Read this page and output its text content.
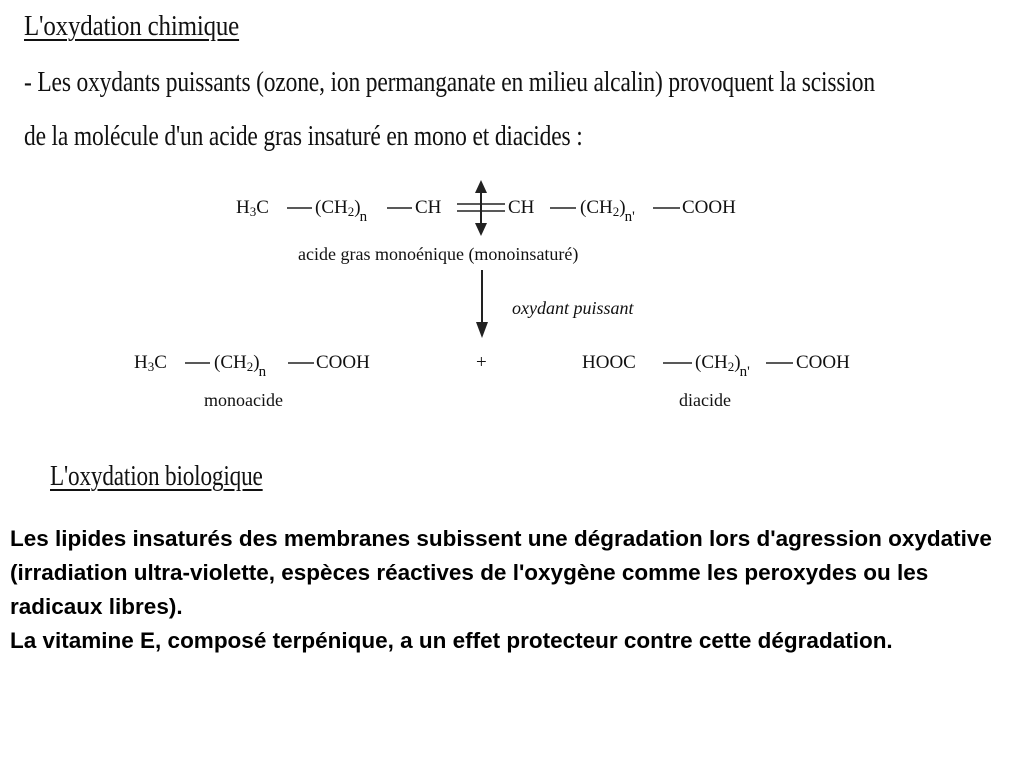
L'oxydation chimique
- Les oxydants puissants (ozone, ion permanganate en milieu alcalin) provoquent la scission
de la molécule d'un acide gras insaturé en mono et diacides :
$H_3C$ $(CH_2)_n$	CH	CH $(CH_2)_{n'}$ COOH
acide gras monoénique (monoinsaturé)
oxydant puissant
$H_3C$ $(CH_2)_n$	COOH	+	HOOC	$(CH_2)_{n'}$ COOH
monoacide	diacide
L'oxydation biologique

Les lipides insaturés des membranes subissent une dégradation lors d'agression oxydative (irradiation ultra-violette, espèces réactives de l'oxygène comme les peroxydes ou les radicaux libres).

La vitamine E, composé terpénique, a un effet protecteur contre cette dégradation.
